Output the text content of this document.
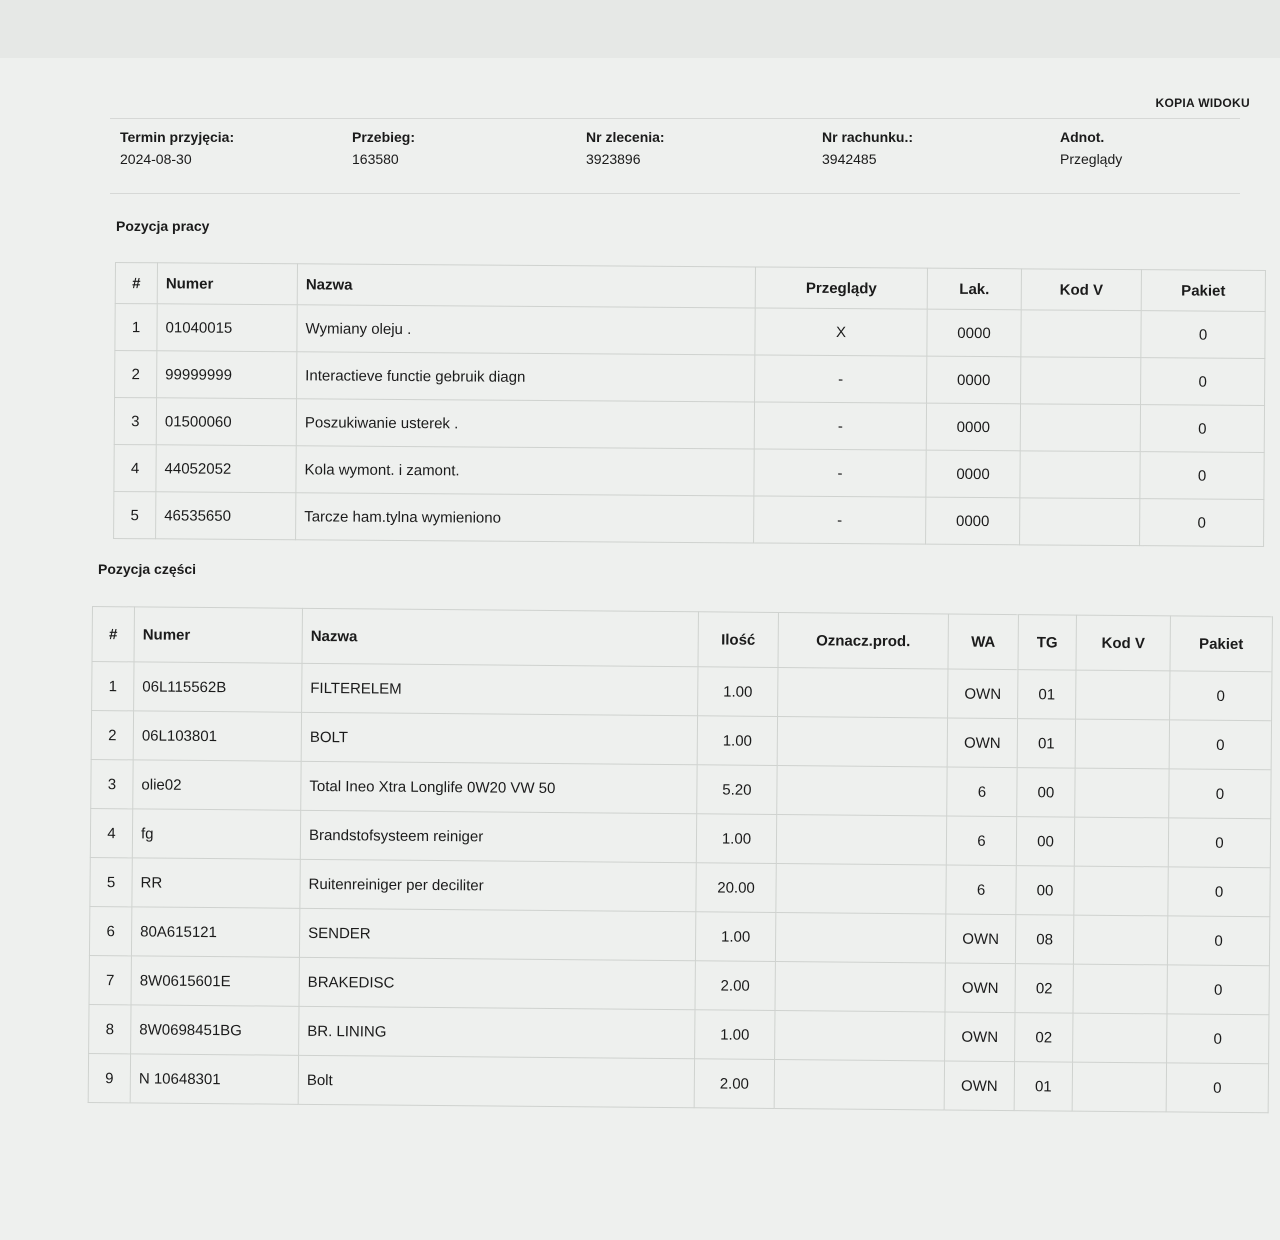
KOPIA WIDOKU
Termin przyjęcia:
2024-08-30
Przebieg:
163580
Nr zlecenia:
3923896
Nr rachunku.:
3942485
Adnot.
Przeglądy
Pozycja pracy
#	Numer	Nazwa	Przeglądy	Lak.	Kod V	Pakiet
1	01040015	Wymiany oleju .	X	0000		0
2	99999999	Interactieve functie gebruik diagn	-	0000		0
3	01500060	Poszukiwanie usterek .	-	0000		0
4	44052052	Kola wymont. i zamont.	-	0000		0
5	46535650	Tarcze ham.tylna wymieniono	-	0000		0
Pozycja części
#	Numer	Nazwa	Ilość	Oznacz.prod.	WA	TG	Kod V	Pakiet
1	06L115562B	FILTERELEM	1.00		OWN	01		0
2	06L103801	BOLT	1.00		OWN	01		0
3	olie02	Total Ineo Xtra Longlife 0W20 VW 50	5.20		6	00		0
4	fg	Brandstofsysteem reiniger	1.00		6	00		0
5	RR	Ruitenreiniger per deciliter	20.00		6	00		0
6	80A615121	SENDER	1.00		OWN	08		0
7	8W0615601E	BRAKEDISC	2.00		OWN	02		0
8	8W0698451BG	BR. LINING	1.00		OWN	02		0
9	N 10648301	Bolt	2.00		OWN	01		0
